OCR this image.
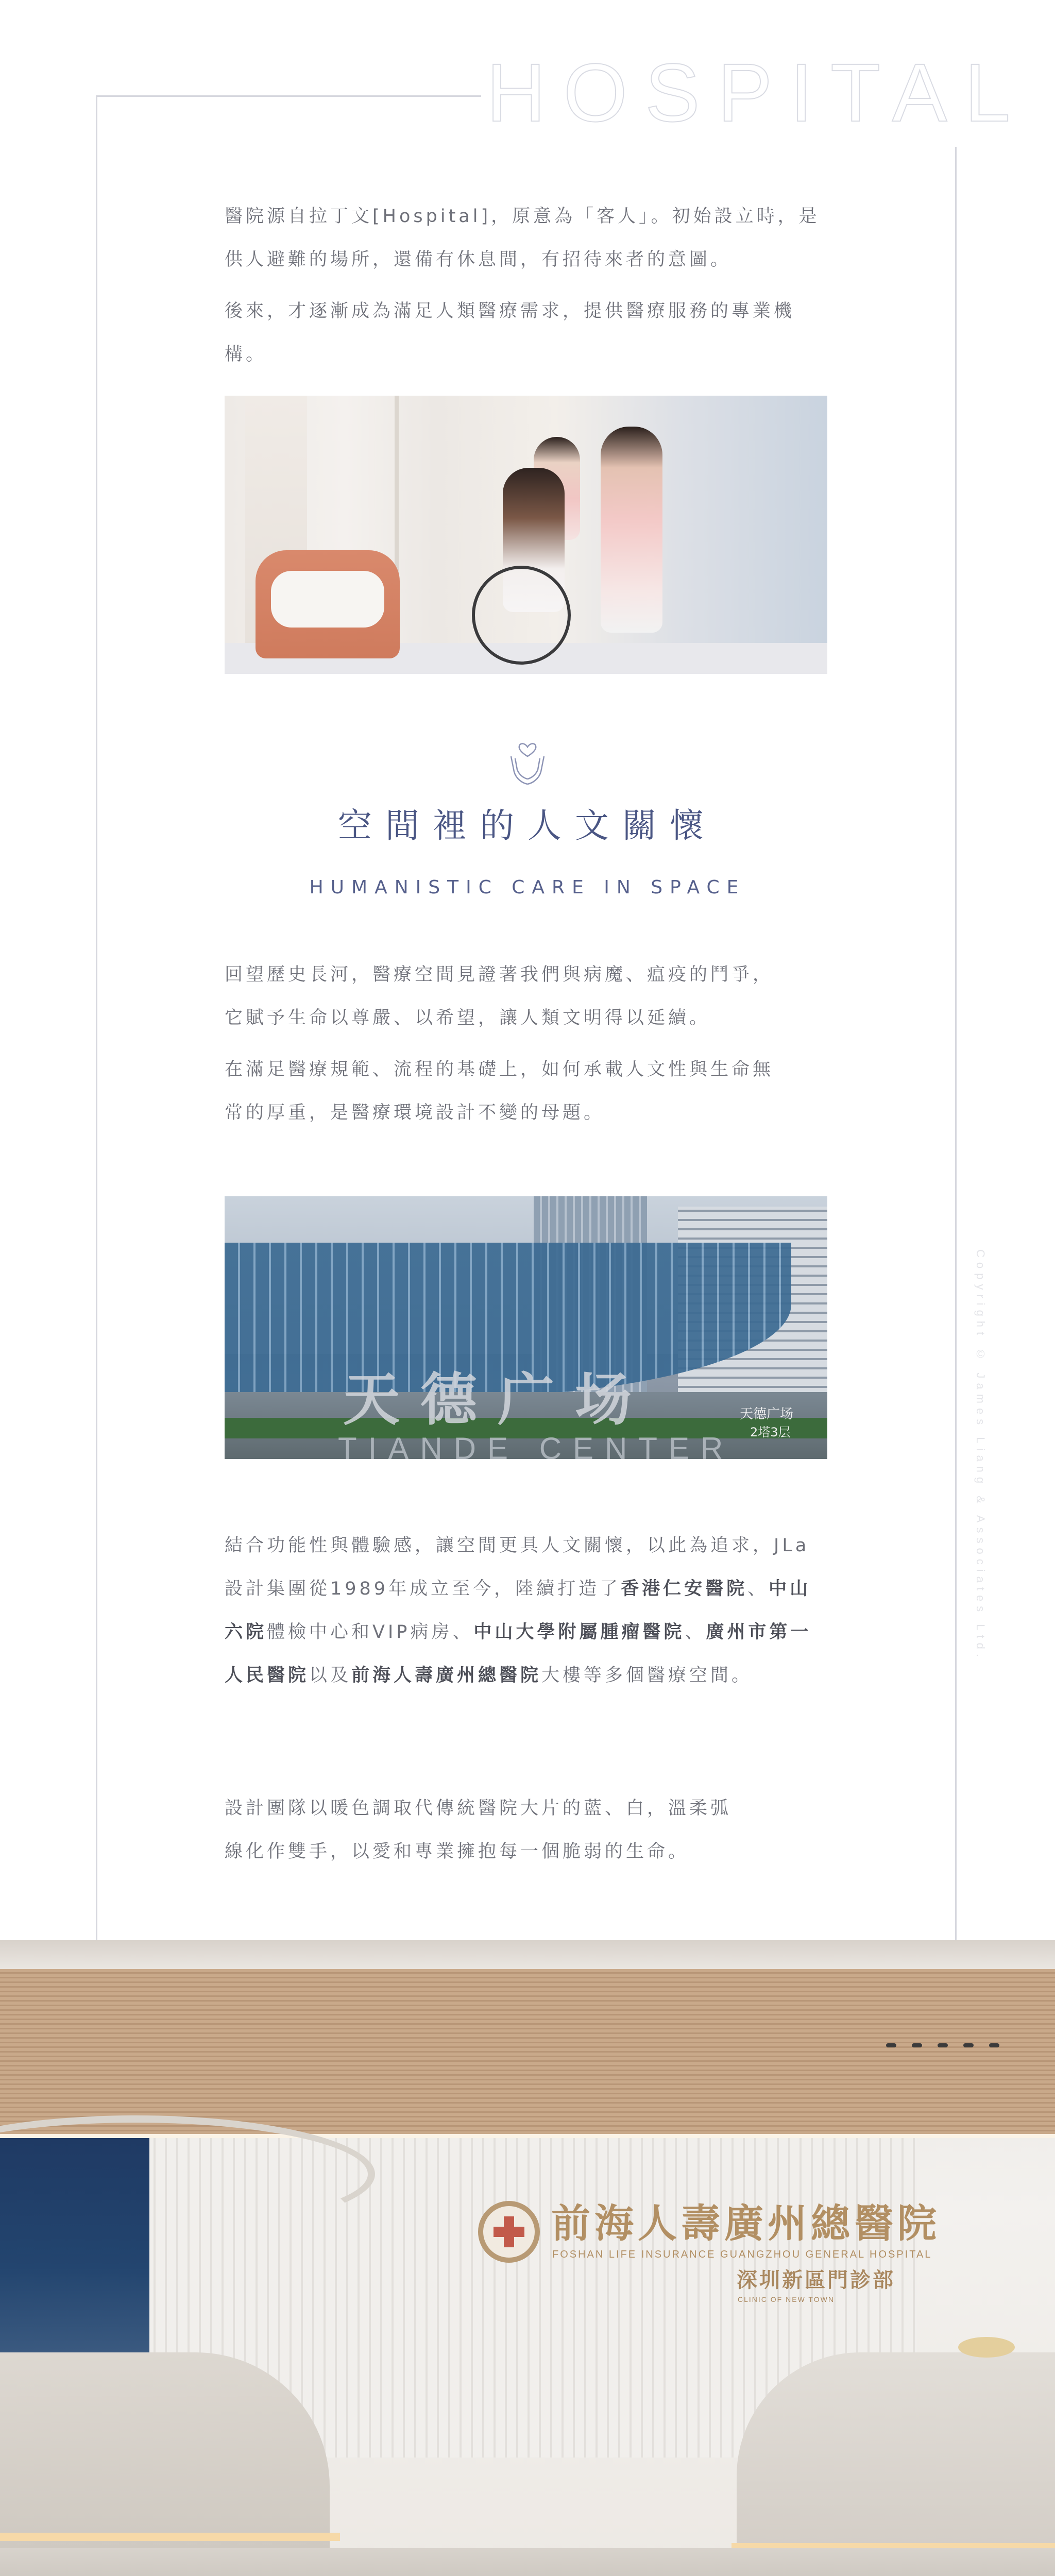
HOSPITAL

醫院源自拉丁文[Hospital]，原意為「客人」。初始設立時，是
供人避難的場所，還備有休息間，有招待來者的意圖。

後來，才逐漸成為滿足人類醫療需求，提供醫療服務的專業機構。

空間裡的人文關懷
HUMANISTIC CARE IN SPACE

回望歷史長河，醫療空間見證著我們與病魔、瘟疫的鬥爭，
它賦予生命以尊嚴、以希望，讓人類文明得以延續。

在滿足醫療規範、流程的基礎上，如何承載人文性與生命無
常的厚重，是醫療環境設計不變的母題。

天德广场
TIANDE CENTER
天德广场
2塔3层

結合功能性與體驗感，讓空間更具人文關懷，以此為追求，JLa設計集團從1989年成立至今，陸續打造了香港仁安醫院、中山六院體檢中心和VIP病房、中山大學附屬腫瘤醫院、廣州市第一人民醫院以及前海人壽廣州總醫院大樓等多個醫療空間。

設計團隊以暖色調取代傳統醫院大片的藍、白，溫柔弧
線化作雙手，以愛和專業擁抱每一個脆弱的生命。

Copyright © James Liang & Associates Ltd.
前海人壽廣州總醫院
FOSHAN LIFE INSURANCE GUANGZHOU GENERAL HOSPITAL
深圳新區門診部
CLINIC OF NEW TOWN
